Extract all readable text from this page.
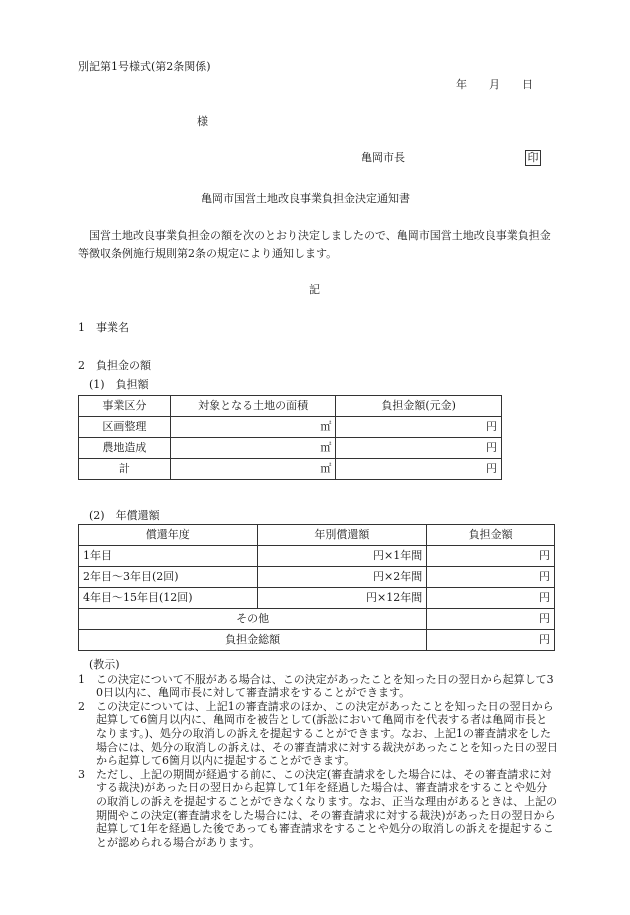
別記第1号様式(第2条関係)
年　　月　　日
様
亀岡市長	印
亀岡市国営土地改良事業負担金決定通知書
国営土地改良事業負担金の額を次のとおり決定しましたので、亀岡市国営土地改良事業負担金等徴収条例施行規則第2条の規定により通知します。
記
1　事業名
2　負担金の額
(1)　負担額
事業区分	対象となる土地の面積	負担金額(元金)
区画整理	㎡	円
農地造成	㎡	円
計	㎡	円
(2)　年償還額
償還年度	年別償還額	負担金額
1年目	円×1年間	円
2年目～3年目(2回)	円×2年間	円
4年目～15年目(12回)	円×12年間	円
その他		円
負担金総額		円
(教示)
1	この決定について不服がある場合は、この決定があったことを知った日の翌日から起算して30日以内に、亀岡市長に対して審査請求をすることができます。
2	この決定については、上記1の審査請求のほか、この決定があったことを知った日の翌日から起算して6箇月以内に、亀岡市を被告として(訴訟において亀岡市を代表する者は亀岡市長となります。)、処分の取消しの訴えを提起することができます。なお、上記1の審査請求をした場合には、処分の取消しの訴えは、その審査請求に対する裁決があったことを知った日の翌日から起算して6箇月以内に提起することができます。
3	ただし、上記の期間が経過する前に、この決定(審査請求をした場合には、その審査請求に対する裁決)があった日の翌日から起算して1年を経過した場合は、審査請求をすることや処分の取消しの訴えを提起することができなくなります。なお、正当な理由があるときは、上記の期間やこの決定(審査請求をした場合には、その審査請求に対する裁決)があった日の翌日から起算して1年を経過した後であっても審査請求をすることや処分の取消しの訴えを提起することが認められる場合があります。
